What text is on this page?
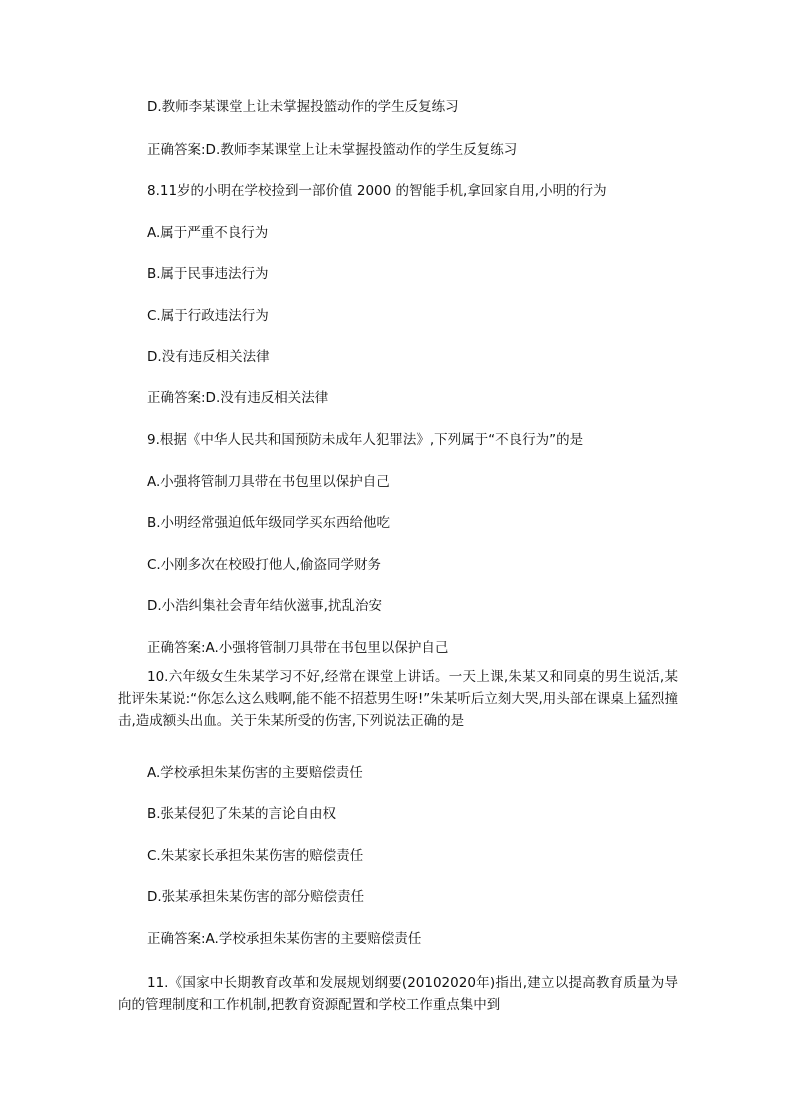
D.教师李某课堂上让未掌握投篮动作的学生反复练习
正确答案:D.教师李某课堂上让未掌握投篮动作的学生反复练习
8.11岁的小明在学校捡到一部价值 2000 的智能手机,拿回家自用,小明的行为
A.属于严重不良行为
B.属于民事违法行为
C.属于行政违法行为
D.没有违反相关法律
正确答案:D.没有违反相关法律
9.根据《中华人民共和国预防未成年人犯罪法》,下列属于“不良行为”的是
A.小强将管制刀具带在书包里以保护自己
B.小明经常强迫低年级同学买东西给他吃
C.小刚多次在校殴打他人,偷盗同学财务
D.小浩纠集社会青年结伙滋事,扰乱治安
正确答案:A.小强将管制刀具带在书包里以保护自己
10.六年级女生朱某学习不好,经常在课堂上讲话。一天上课,朱某又和同桌的男生说活,某批评朱某说:“你怎么这么贱啊,能不能不招惹男生呀!”朱某听后立刻大哭,用头部在课桌上猛烈撞击,造成额头出血。关于朱某所受的伤害,下列说法正确的是
A.学校承担朱某伤害的主要赔偿责任
B.张某侵犯了朱某的言论自由权
C.朱某家长承担朱某伤害的赔偿责任
D.张某承担朱某伤害的部分赔偿责任
正确答案:A.学校承担朱某伤害的主要赔偿责任
11.《国家中长期教育改革和发展规划纲要(20102020年)指出,建立以提高教育质量为导向的管理制度和工作机制,把教育资源配置和学校工作重点集中到
